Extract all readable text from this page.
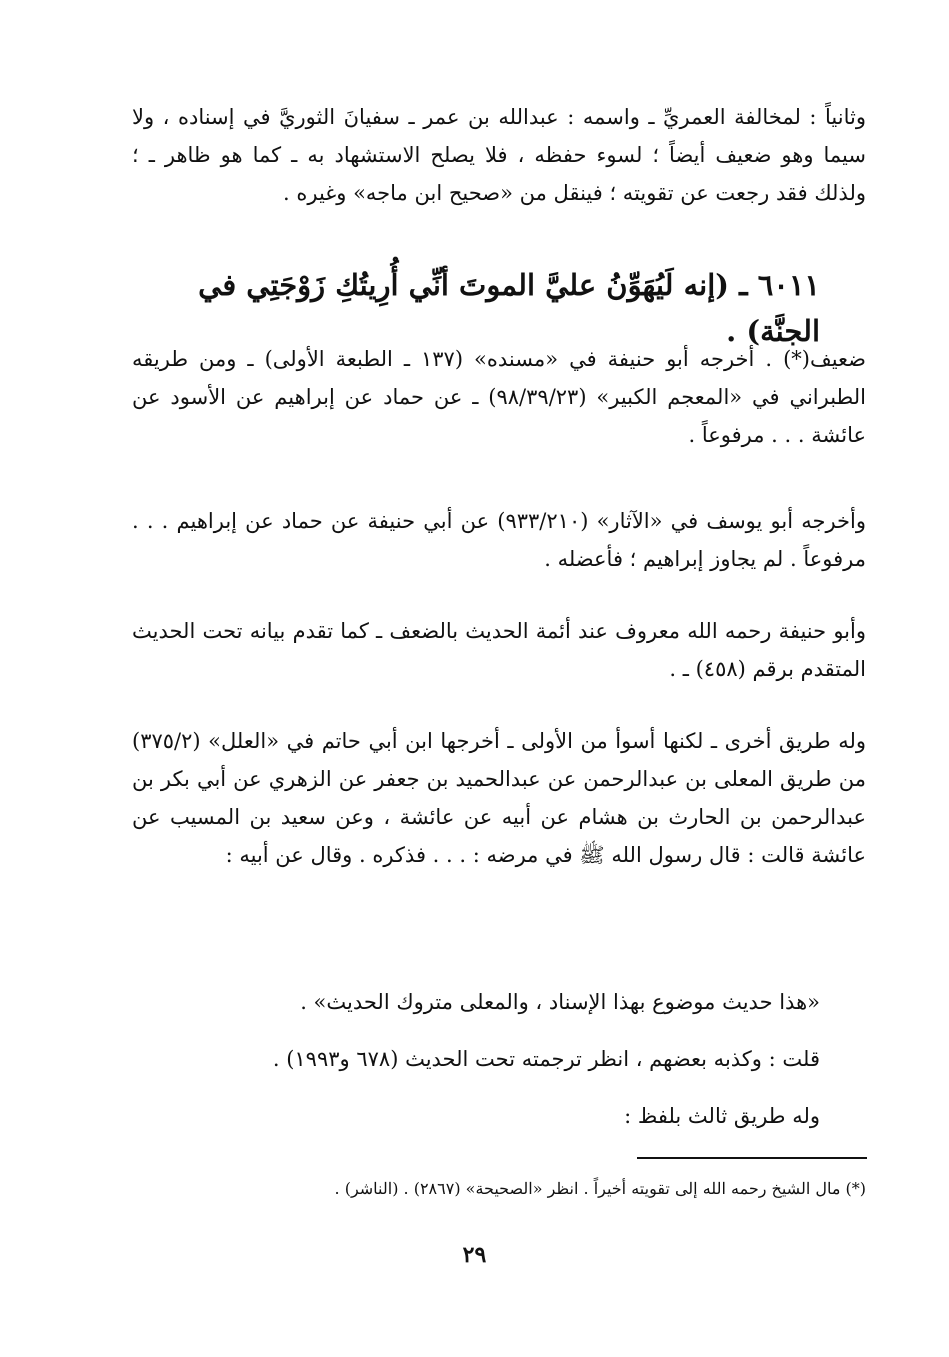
وثانياً : لمخالفة العمريِّ ـ واسمه : عبدالله بن عمر ـ سفيانَ الثوريَّ في إسناده ، ولا سيما وهو ضعيف أيضاً ؛ لسوء حفظه ، فلا يصلح الاستشهاد به ـ كما هو ظاهر ـ ؛ ولذلك فقد رجعت عن تقويته ؛ فينقل من «صحيح ابن ماجه» وغيره .

٦٠١١ ـ (إنه لَيُهَوِّنُ عليَّ الموتَ أنِّي أُرِيتُكِ زَوْجَتِي في الجنَّة) .

ضعيف(*) . أخرجه أبو حنيفة في «مسنده» (١٣٧ ـ الطبعة الأولى) ـ ومن طريقه الطبراني في «المعجم الكبير» (٩٨/٣٩/٢٣) ـ عن حماد عن إبراهيم عن الأسود عن عائشة . . . مرفوعاً .

وأخرجه أبو يوسف في «الآثار» (٩٣٣/٢١٠) عن أبي حنيفة عن حماد عن إبراهيم . . . مرفوعاً . لم يجاوز إبراهيم ؛ فأعضله .

وأبو حنيفة رحمه الله معروف عند أئمة الحديث بالضعف ـ كما تقدم بيانه تحت الحديث المتقدم برقم (٤٥٨) ـ .

وله طريق أخرى ـ لكنها أسوأ من الأولى ـ أخرجها ابن أبي حاتم في «العلل» (٣٧٥/٢) من طريق المعلى بن عبدالرحمن عن عبدالحميد بن جعفر عن الزهري عن أبي بكر بن عبدالرحمن بن الحارث بن هشام عن أبيه عن عائشة ، وعن سعيد بن المسيب عن عائشة قالت : قال رسول الله ﷺ في مرضه : . . . فذكره . وقال عن أبيه :

«هذا حديث موضوع بهذا الإسناد ، والمعلى متروك الحديث» .

قلت : وكذبه بعضهم ، انظر ترجمته تحت الحديث (٦٧٨ و١٩٩٣) .

وله طريق ثالث بلفظ :

(*) مال الشيخ رحمه الله إلى تقويته أخيراً . انظر «الصحيحة» (٢٨٦٧) . (الناشر) .

٢٩
